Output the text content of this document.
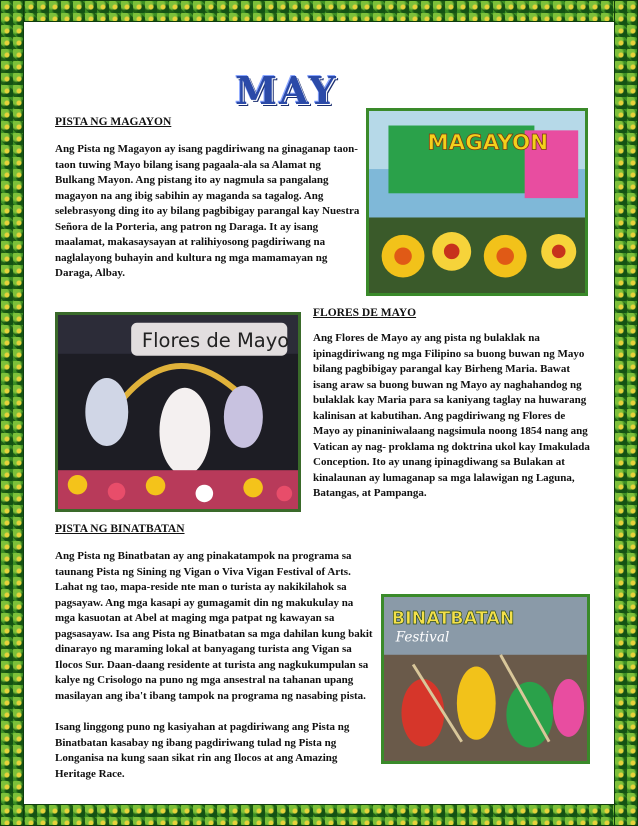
MAY
PISTA NG MAGAYON

Ang Pista ng Magayon ay isang pagdiriwang na ginaganap taon-taon tuwing Mayo bilang isang pagaala-ala sa Alamat ng Bulkang Mayon. Ang pistang ito ay nagmula sa pangalang magayon na ang ibig sabihin ay maganda sa tagalog. Ang selebrasyong ding ito ay bilang pagbibigay parangal kay Nuestra Señora de la Porteria, ang patron ng Daraga. It ay isang maalamat, makasaysayan at ralihiyosong pagdiriwang na naglalayong buhayin and kultura ng mga mamamayan ng Daraga, Albay.

MAGAYON
Flores de Mayo
FLORES DE MAYO

Ang Flores de Mayo ay ang pista ng bulaklak na ipinagdiriwang ng mga Filipino sa buong buwan ng Mayo bilang pagbibigay parangal kay Birheng Maria. Bawat isang araw sa buong buwan ng Mayo ay naghahandog ng bulaklak kay Maria para sa kaniyang taglay na huwarang kalinisan at kabutihan. Ang pagdiriwang ng Flores de Mayo ay pinaniniwalaang nagsimula noong 1854 nang ang Vatican ay nag- proklama ng doktrina ukol kay Imakulada Conception. Ito ay unang ipinagdiwang sa Bulakan at kinalaunan ay lumaganap sa mga lalawigan ng Laguna, Batangas, at Pampanga.

PISTA NG BINATBATAN

Ang Pista ng Binatbatan ay ang pinakatampok na programa sa taunang Pista ng Sining ng Vigan o Viva Vigan Festival of Arts. Lahat ng tao, mapa-reside nte man o turista ay nakikilahok sa pagsayaw. Ang mga kasapi ay gumagamit din ng makukulay na mga kasuotan at Abel at maging mga patpat ng kawayan sa pagsasayaw. Isa ang Pista ng Binatbatan sa mga dahilan kung bakit dinarayo ng maraming lokal at banyagang turista ang Vigan sa Ilocos Sur. Daan-daang residente at turista ang nagkukumpulan sa kalye ng Crisologo na puno ng mga ansestral na tahanan upang masilayan ang iba't ibang tampok na programa ng nasabing pista.

Isang linggong puno ng kasiyahan at pagdiriwang ang Pista ng Binatbatan kasabay ng ibang pagdiriwang tulad ng Pista ng Longanisa na kung saan sikat rin ang Ilocos at ang Amazing Heritage Race.

BINATBATAN
Festival
